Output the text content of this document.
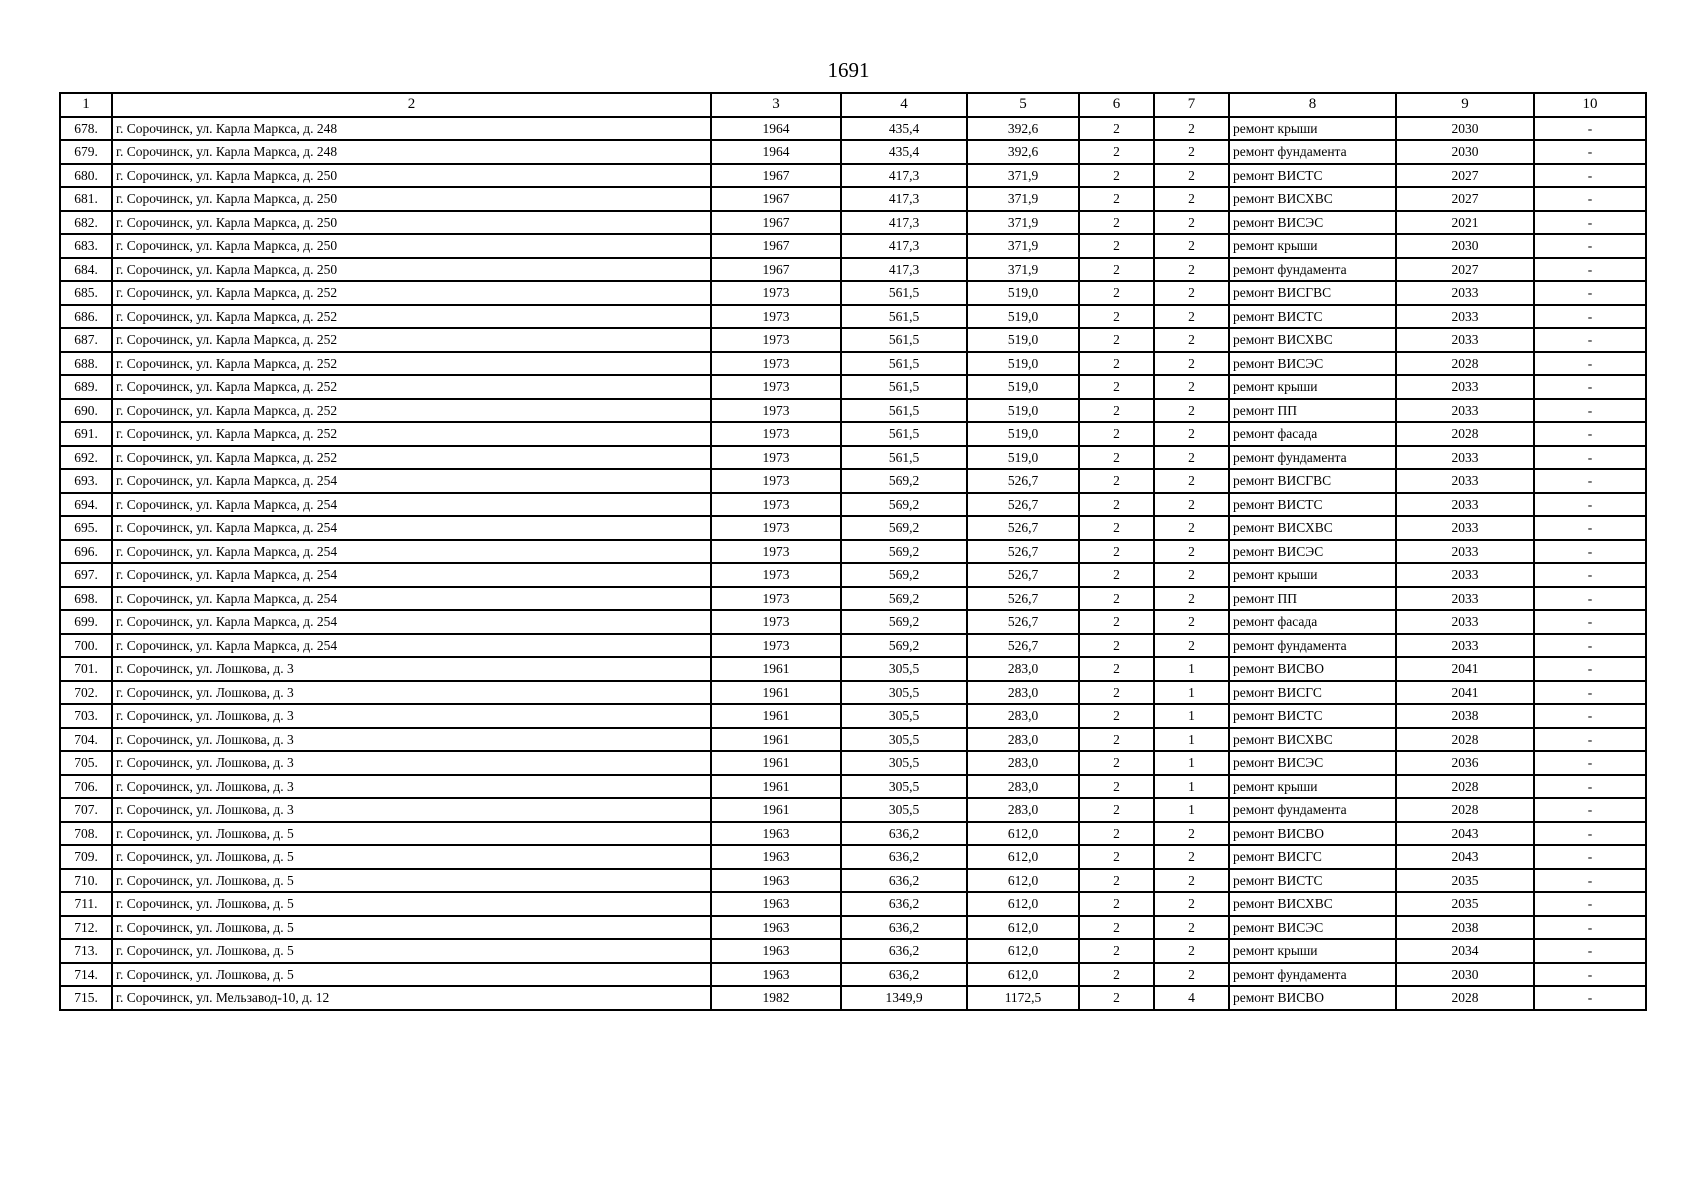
1691
1	2	3	4	5	6	7	8	9	10
678.	г. Сорочинск, ул. Карла Маркса, д. 248	1964	435,4	392,6	2	2	ремонт крыши	2030	-
679.	г. Сорочинск, ул. Карла Маркса, д. 248	1964	435,4	392,6	2	2	ремонт фундамента	2030	-
680.	г. Сорочинск, ул. Карла Маркса, д. 250	1967	417,3	371,9	2	2	ремонт ВИСТС	2027	-
681.	г. Сорочинск, ул. Карла Маркса, д. 250	1967	417,3	371,9	2	2	ремонт ВИСХВС	2027	-
682.	г. Сорочинск, ул. Карла Маркса, д. 250	1967	417,3	371,9	2	2	ремонт ВИСЭС	2021	-
683.	г. Сорочинск, ул. Карла Маркса, д. 250	1967	417,3	371,9	2	2	ремонт крыши	2030	-
684.	г. Сорочинск, ул. Карла Маркса, д. 250	1967	417,3	371,9	2	2	ремонт фундамента	2027	-
685.	г. Сорочинск, ул. Карла Маркса, д. 252	1973	561,5	519,0	2	2	ремонт ВИСГВС	2033	-
686.	г. Сорочинск, ул. Карла Маркса, д. 252	1973	561,5	519,0	2	2	ремонт ВИСТС	2033	-
687.	г. Сорочинск, ул. Карла Маркса, д. 252	1973	561,5	519,0	2	2	ремонт ВИСХВС	2033	-
688.	г. Сорочинск, ул. Карла Маркса, д. 252	1973	561,5	519,0	2	2	ремонт ВИСЭС	2028	-
689.	г. Сорочинск, ул. Карла Маркса, д. 252	1973	561,5	519,0	2	2	ремонт крыши	2033	-
690.	г. Сорочинск, ул. Карла Маркса, д. 252	1973	561,5	519,0	2	2	ремонт ПП	2033	-
691.	г. Сорочинск, ул. Карла Маркса, д. 252	1973	561,5	519,0	2	2	ремонт фасада	2028	-
692.	г. Сорочинск, ул. Карла Маркса, д. 252	1973	561,5	519,0	2	2	ремонт фундамента	2033	-
693.	г. Сорочинск, ул. Карла Маркса, д. 254	1973	569,2	526,7	2	2	ремонт ВИСГВС	2033	-
694.	г. Сорочинск, ул. Карла Маркса, д. 254	1973	569,2	526,7	2	2	ремонт ВИСТС	2033	-
695.	г. Сорочинск, ул. Карла Маркса, д. 254	1973	569,2	526,7	2	2	ремонт ВИСХВС	2033	-
696.	г. Сорочинск, ул. Карла Маркса, д. 254	1973	569,2	526,7	2	2	ремонт ВИСЭС	2033	-
697.	г. Сорочинск, ул. Карла Маркса, д. 254	1973	569,2	526,7	2	2	ремонт крыши	2033	-
698.	г. Сорочинск, ул. Карла Маркса, д. 254	1973	569,2	526,7	2	2	ремонт ПП	2033	-
699.	г. Сорочинск, ул. Карла Маркса, д. 254	1973	569,2	526,7	2	2	ремонт фасада	2033	-
700.	г. Сорочинск, ул. Карла Маркса, д. 254	1973	569,2	526,7	2	2	ремонт фундамента	2033	-
701.	г. Сорочинск, ул. Лошкова, д. 3	1961	305,5	283,0	2	1	ремонт ВИСВО	2041	-
702.	г. Сорочинск, ул. Лошкова, д. 3	1961	305,5	283,0	2	1	ремонт ВИСГС	2041	-
703.	г. Сорочинск, ул. Лошкова, д. 3	1961	305,5	283,0	2	1	ремонт ВИСТС	2038	-
704.	г. Сорочинск, ул. Лошкова, д. 3	1961	305,5	283,0	2	1	ремонт ВИСХВС	2028	-
705.	г. Сорочинск, ул. Лошкова, д. 3	1961	305,5	283,0	2	1	ремонт ВИСЭС	2036	-
706.	г. Сорочинск, ул. Лошкова, д. 3	1961	305,5	283,0	2	1	ремонт крыши	2028	-
707.	г. Сорочинск, ул. Лошкова, д. 3	1961	305,5	283,0	2	1	ремонт фундамента	2028	-
708.	г. Сорочинск, ул. Лошкова, д. 5	1963	636,2	612,0	2	2	ремонт ВИСВО	2043	-
709.	г. Сорочинск, ул. Лошкова, д. 5	1963	636,2	612,0	2	2	ремонт ВИСГС	2043	-
710.	г. Сорочинск, ул. Лошкова, д. 5	1963	636,2	612,0	2	2	ремонт ВИСТС	2035	-
711.	г. Сорочинск, ул. Лошкова, д. 5	1963	636,2	612,0	2	2	ремонт ВИСХВС	2035	-
712.	г. Сорочинск, ул. Лошкова, д. 5	1963	636,2	612,0	2	2	ремонт ВИСЭС	2038	-
713.	г. Сорочинск, ул. Лошкова, д. 5	1963	636,2	612,0	2	2	ремонт крыши	2034	-
714.	г. Сорочинск, ул. Лошкова, д. 5	1963	636,2	612,0	2	2	ремонт фундамента	2030	-
715.	г. Сорочинск, ул. Мельзавод-10, д. 12	1982	1349,9	1172,5	2	4	ремонт ВИСВО	2028	-
